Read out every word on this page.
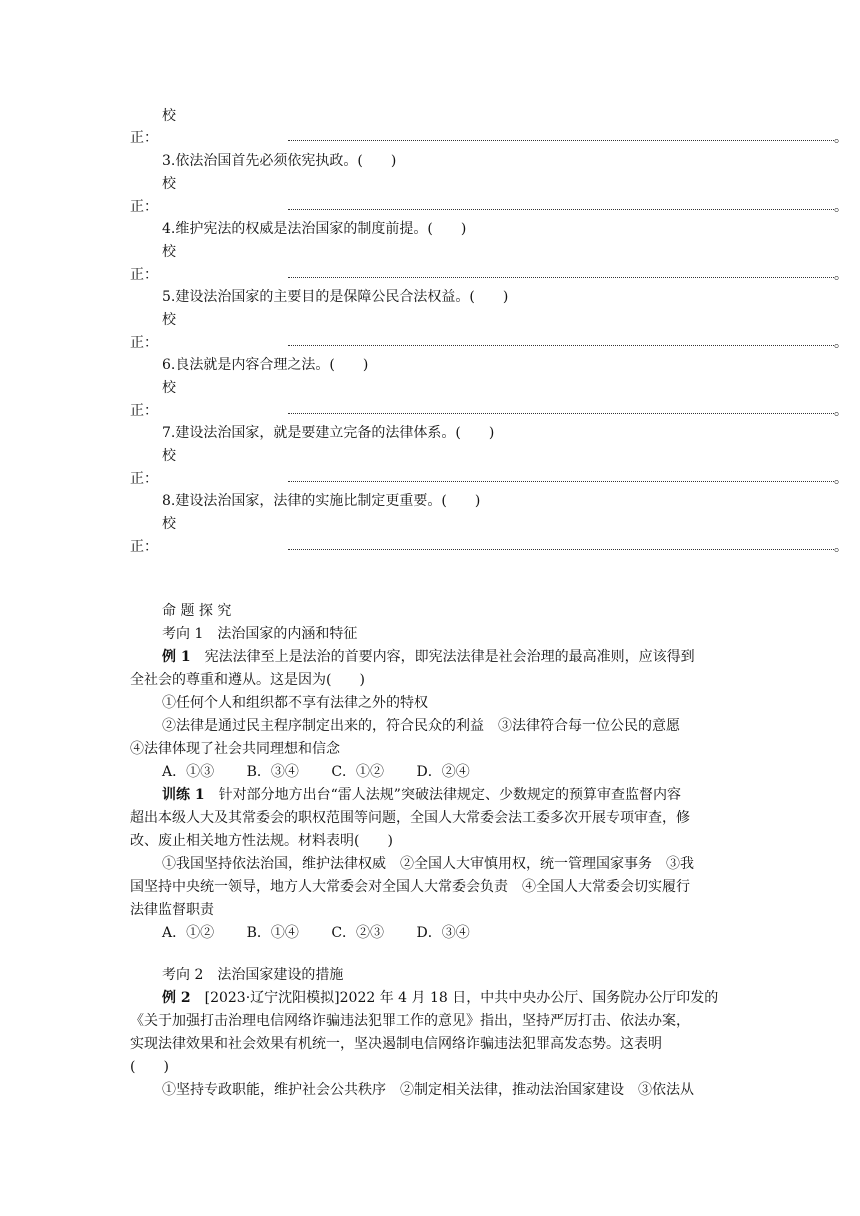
校
正：	。
3.依法治国首先必须依宪执政。(　　)
校
正：	。
4.维护宪法的权威是法治国家的制度前提。(　　)
校
正：	。
5.建设法治国家的主要目的是保障公民合法权益。(　　)
校
正：	。
6.良法就是内容合理之法。(　　)
校
正：	。
7.建设法治国家，就是要建立完备的法律体系。(　　)
校
正：	。
8.建设法治国家，法律的实施比制定更重要。(　　)
校
正：	。
命 题 探 究
考向 1　法治国家的内涵和特征
例 1　宪法法律至上是法治的首要内容，即宪法法律是社会治理的最高准则，应该得到
全社会的尊重和遵从。这是因为(　　)
①任何个人和组织都不享有法律之外的特权
②法律是通过民主程序制定出来的，符合民众的利益　③法律符合每一位公民的意愿
④法律体现了社会共同理想和信念
A．①③ B．③④ C．①② D．②④
训练 1　针对部分地方出台“雷人法规”突破法律规定、少数规定的预算审查监督内容
超出本级人大及其常委会的职权范围等问题，全国人大常委会法工委多次开展专项审查，修
改、废止相关地方性法规。材料表明(　　)
①我国坚持依法治国，维护法律权威　②全国人大审慎用权，统一管理国家事务　③我
国坚持中央统一领导，地方人大常委会对全国人大常委会负责　④全国人大常委会切实履行
法律监督职责
A．①② B．①④ C．②③ D．③④
考向 2　法治国家建设的措施
例 2　[2023·辽宁沈阳模拟]2022 年 4 月 18 日，中共中央办公厅、国务院办公厅印发的
《关于加强打击治理电信网络诈骗违法犯罪工作的意见》指出，坚持严厉打击、依法办案，
实现法律效果和社会效果有机统一，坚决遏制电信网络诈骗违法犯罪高发态势。这表明
(　　)
①坚持专政职能，维护社会公共秩序　②制定相关法律，推动法治国家建设　③依法从
